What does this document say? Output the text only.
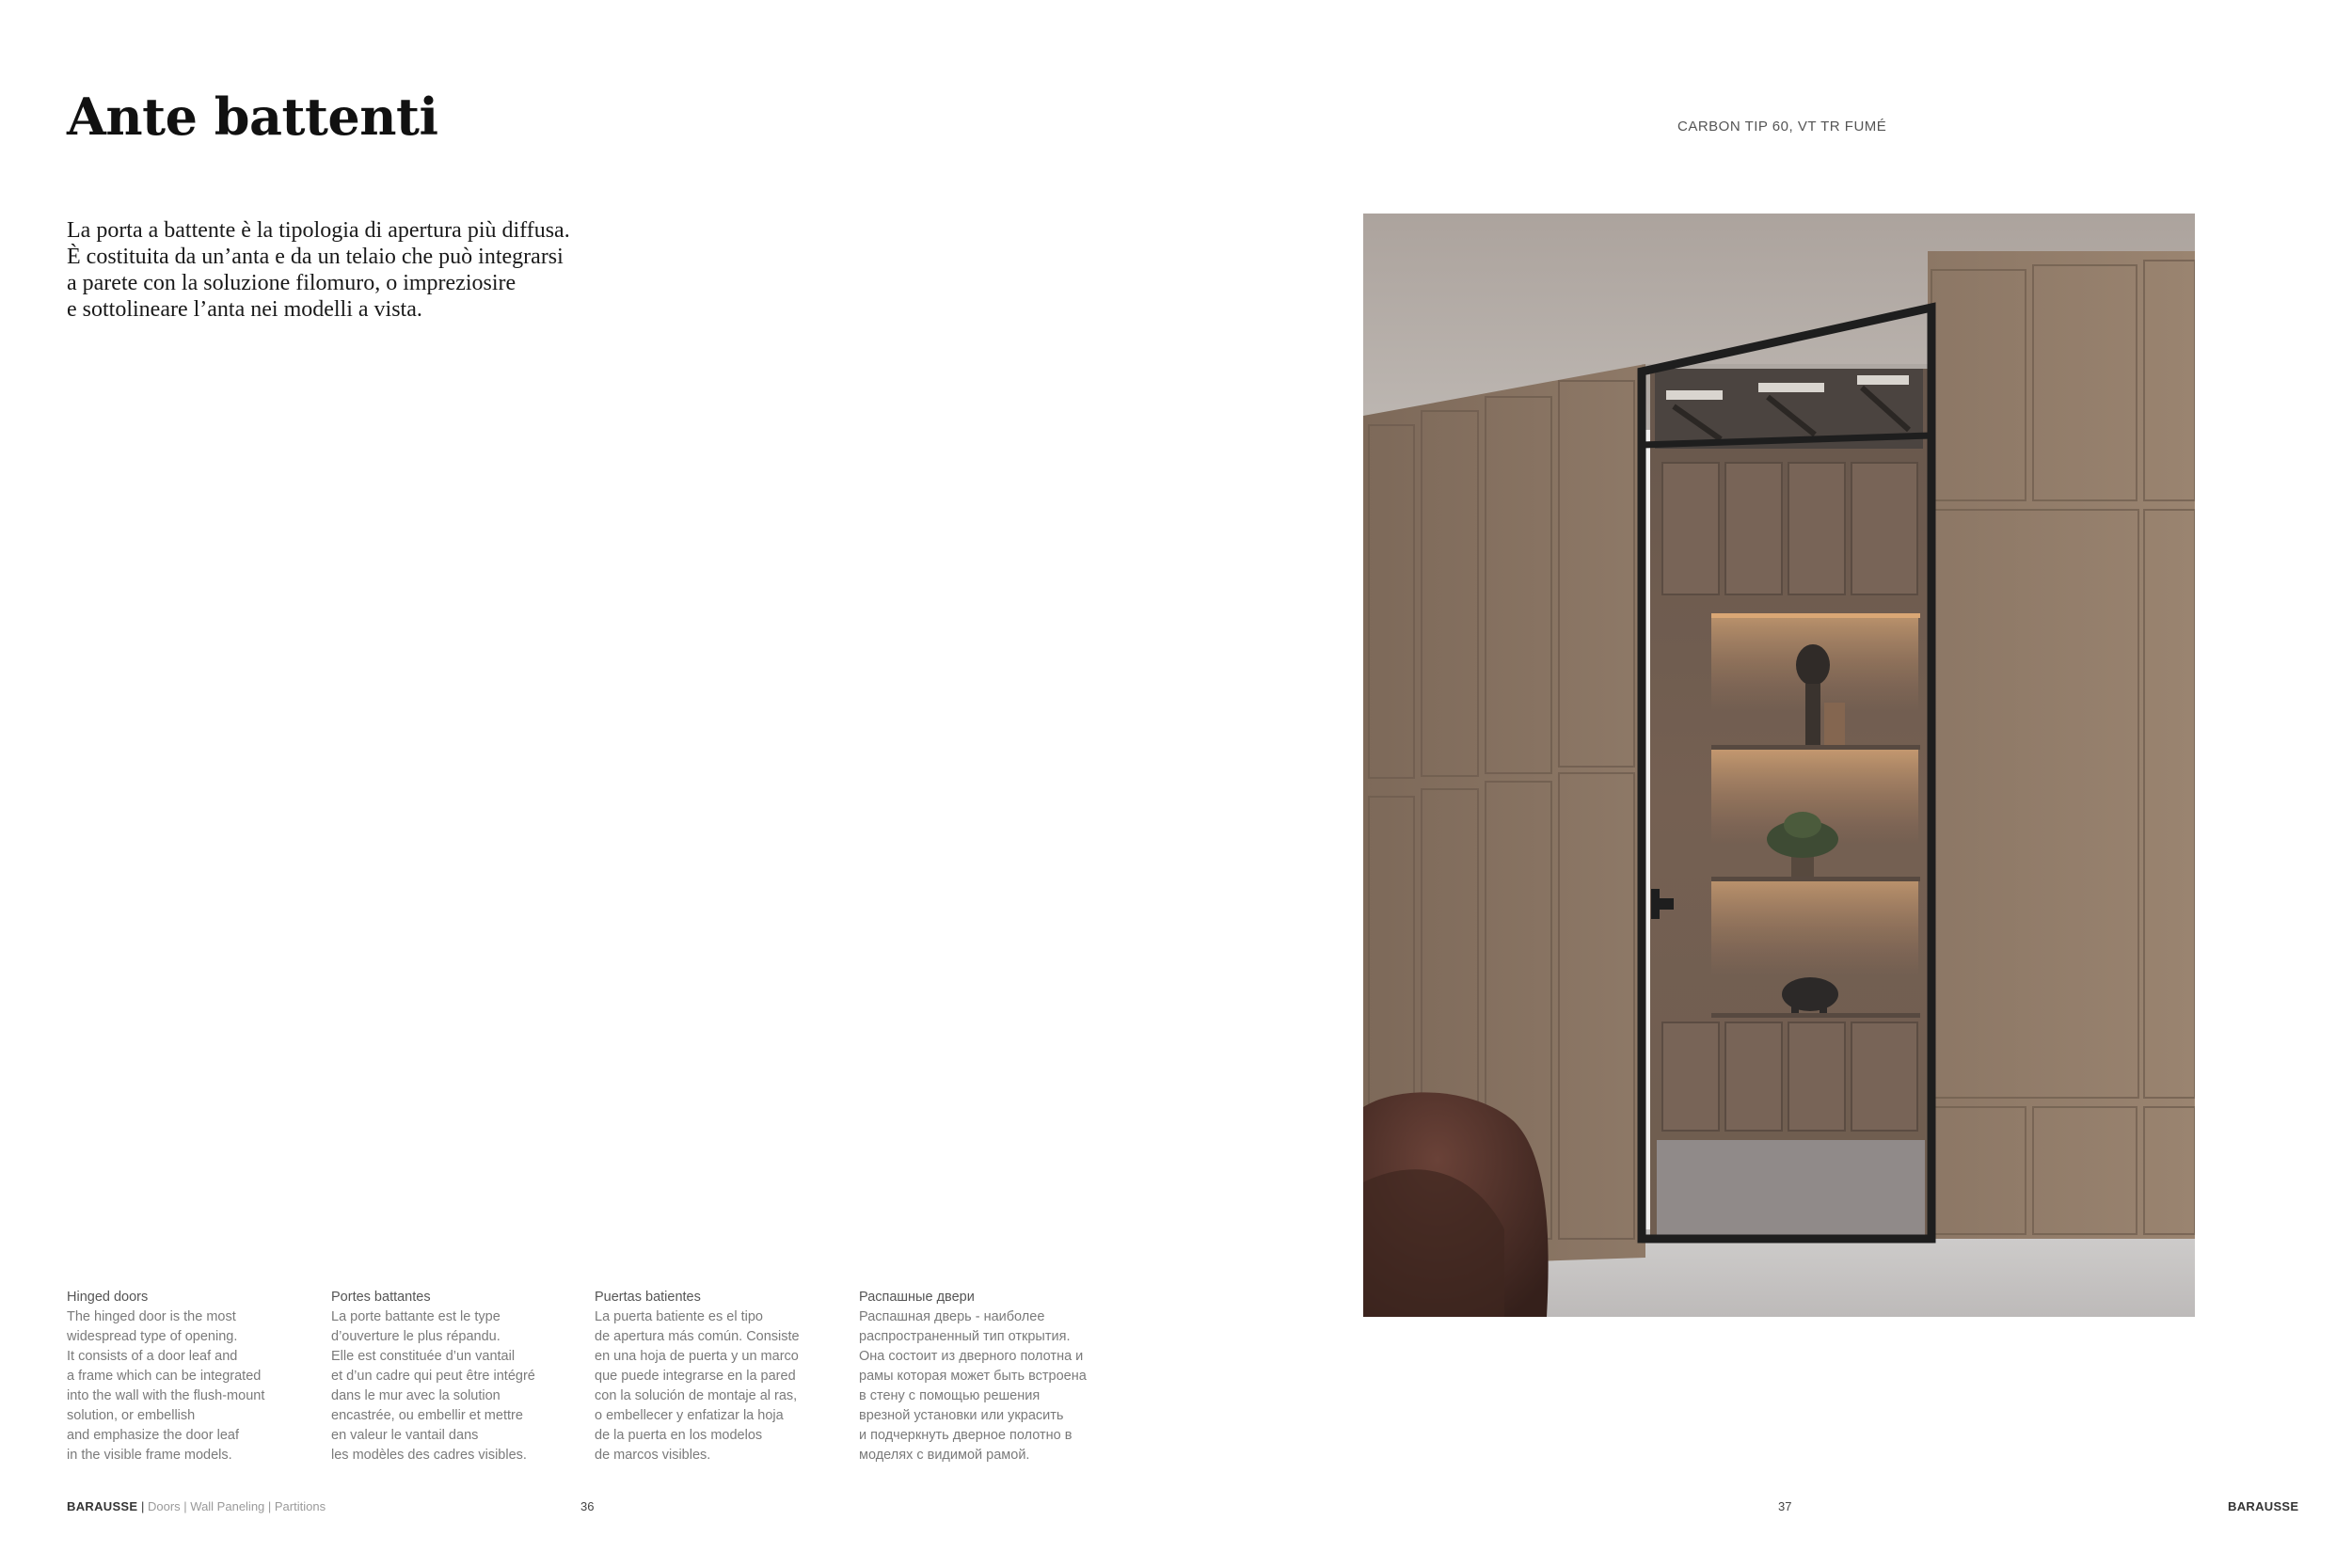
Ante battenti	CARBON TIP 60, VT TR FUMÉ
La porta a battente è la tipologia di apertura più diffusa.
È costituita da un’anta e da un telaio che può integrarsi
a parete con la soluzione filomuro, o impreziosire
e sottolineare l’anta nei modelli a vista.
Hinged doors
The hinged door is the most
widespread type of opening.
It consists of a door leaf and
a frame which can be integrated
into the wall with the flush-mount
solution, or embellish
and emphasize the door leaf
in the visible frame models.
Portes battantes
La porte battante est le type
d’ouverture le plus répandu.
Elle est constituée d’un vantail
et d’un cadre qui peut être intégré
dans le mur avec la solution
encastrée, ou embellir et mettre
en valeur le vantail dans
les modèles des cadres visibles.
Puertas batientes
La puerta batiente es el tipo
de apertura más común. Consiste
en una hoja de puerta y un marco
que puede integrarse en la pared
con la solución de montaje al ras,
o embellecer y enfatizar la hoja
de la puerta en los modelos
de marcos visibles.
Распашные двери
Распашная дверь - наиболее
распространенный тип открытия.
Она состоит из дверного полотна и
рамы которая может быть встроена
в стену с помощью решения
врезной установки или украсить
и подчеркнуть дверное полотно в
моделях с видимой рамой.
BARAUSSE | Doors | Wall Paneling | Partitions	36	37	BARAUSSE
